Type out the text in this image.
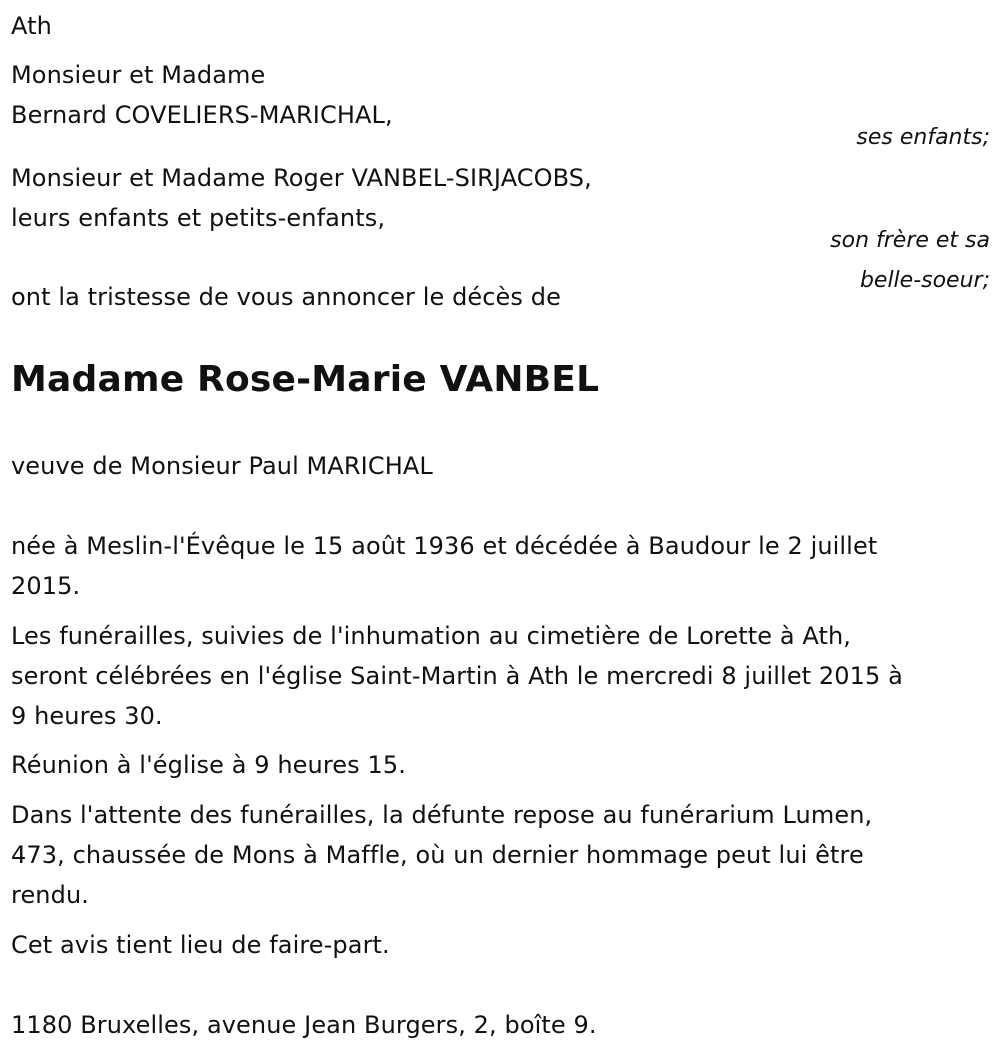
Ath
Monsieur et Madame
Bernard COVELIERS-MARICHAL,
ses enfants;
Monsieur et Madame Roger VANBEL-SIRJACOBS,
leurs enfants et petits-enfants,
son frère et sa
belle-soeur;
ont la tristesse de vous annoncer le décès de
Madame Rose-Marie VANBEL
veuve de Monsieur Paul MARICHAL
née à Meslin-l'Évêque le 15 août 1936 et décédée à Baudour le 2 juillet
2015.
Les funérailles, suivies de l'inhumation au cimetière de Lorette à Ath,
seront célébrées en l'église Saint-Martin à Ath le mercredi 8 juillet 2015 à
9 heures 30.
Réunion à l'église à 9 heures 15.
Dans l'attente des funérailles, la défunte repose au funérarium Lumen,
473, chaussée de Mons à Maffle, où un dernier hommage peut lui être
rendu.
Cet avis tient lieu de faire-part.
1180 Bruxelles, avenue Jean Burgers, 2, boîte 9.
